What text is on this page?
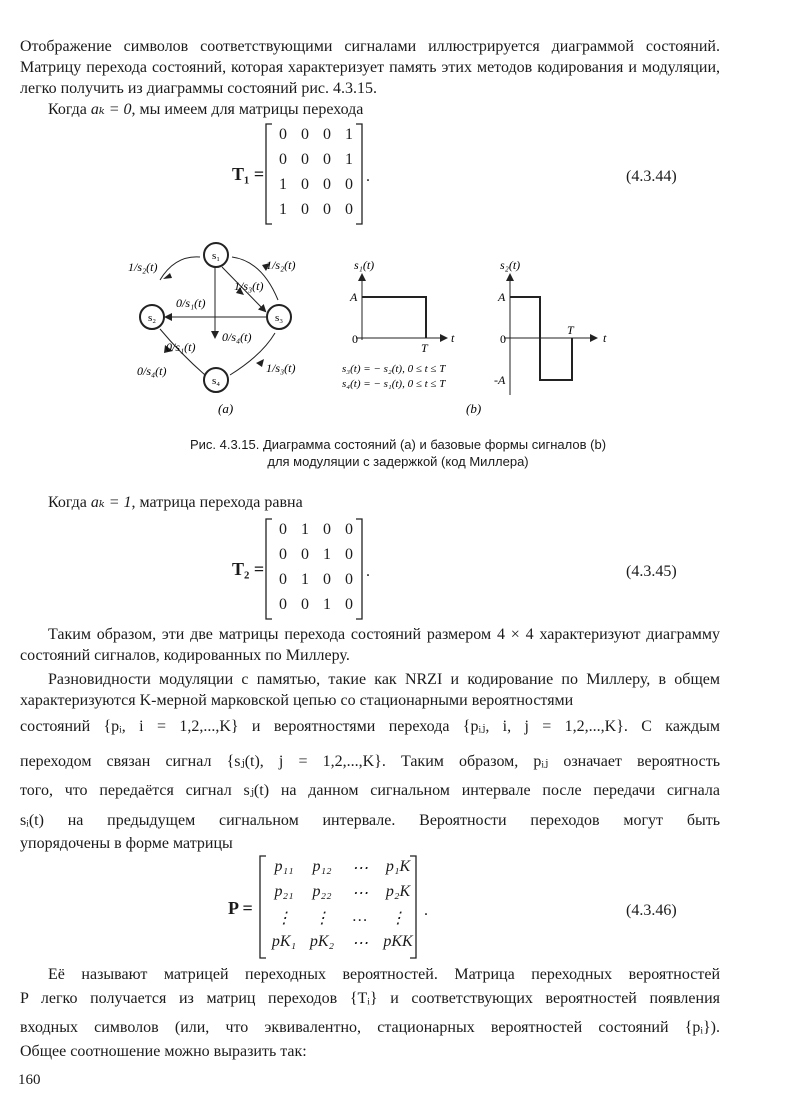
Отображение символов соответствующими сигналами иллюстрируется диаграммой состояний. Матрицу перехода состояний, которая характеризует память этих методов кодирования и модуляции, легко получить из диаграммы состояний рис. 4.3.15.

Когда aₖ = 0, мы имеем для матрицы перехода
T₁ =
0 0 0 1
0 0 0 1
1 0 0 0
1 0 0 0
.	(4.3.44)
s₁
s₂	s₃
s₄
1/s₂(t)	1/s₂(t)
1/s₃(t)
0/s₁(t)
0/s₄(t)
0/s₁(t)
0/s₄(t)	1/s₃(t)
(a)
s₁(t)
A
0	t
T
s₃(t) = − s₂(t), 0 ≤ t ≤ T
s₄(t) = − s₁(t), 0 ≤ t ≤ T
(b)
s₂(t)
A
0
-A
t
T
Рис. 4.3.15. Диаграмма состояний (a) и базовые формы сигналов (b)
для модуляции с задержкой (код Миллера)
Когда aₖ = 1, матрица перехода равна
T₂ =
0 1 0 0
0 0 1 0
0 1 0 0
0 0 1 0
.	(4.3.45)

Таким образом, эти две матрицы перехода состояний размером 4 × 4 характеризуют диаграмму состояний сигналов, кодированных по Миллеру.

Разновидности модуляции с памятью, такие как NRZI и кодирование по Миллеру, в общем характеризуются K-мерной марковской цепью со стационарными вероятностями

состояний {pᵢ, i = 1,2,...,K} и вероятностями перехода {pᵢⱼ, i, j = 1,2,...,K}. С каждым

переходом связан сигнал {sⱼ(t), j = 1,2,...,K}. Таким образом, pᵢⱼ означает вероятность

того, что передаётся сигнал sⱼ(t) на данном сигнальном интервале после передачи сигнала

sᵢ(t) на предыдущем сигнальном интервале. Вероятности переходов могут быть

упорядочены в форме матрицы

P =
p₁₁	p₁₂	⋯	p₁K
p₂₁	p₂₂	⋯	p₂K
⋮	⋮	…	⋮
pK₁ pK₂	⋯ pKK
.	(4.3.46)

Её называют матрицей переходных вероятностей. Матрица переходных вероятностей

P легко получается из матриц переходов {Tᵢ} и соответствующих вероятностей появления

входных символов (или, что эквивалентно, стационарных вероятностей состояний {pᵢ}).

Общее соотношение можно выразить так:

160
